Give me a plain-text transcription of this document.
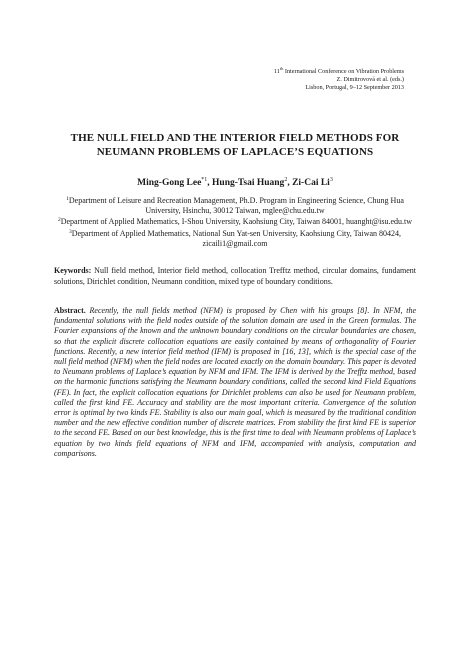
11th International Conference on Vibration Problems
Z. Dimitrovová et al. (eds.)
Lisbon, Portugal, 9–12 September 2013
THE NULL FIELD AND THE INTERIOR FIELD METHODS FOR
NEUMANN PROBLEMS OF LAPLACE’S EQUATIONS
Ming-Gong Lee$^{*1}$, Hung-Tsai Huang$^2$, Zi-Cai Li$^3$
$^1$Department of Leisure and Recreation Management, Ph.D. Program in Engineering Science, Chung Hua University, Hsinchu, 30012 Taiwan, mglee@chu.edu.tw
$^2$Department of Applied Mathematics, I-Shou University, Kaohsiung City, Taiwan 84001, huanght@isu.edu.tw
$^3$Department of Applied Mathematics, National Sun Yat-sen University, Kaohsiung City, Taiwan 80424, zicaili1@gmail.com
Keywords: Null field method, Interior field method, collocation Trefftz method, circular domains, fundament solutions, Dirichlet condition, Neumann condition, mixed type of boundary conditions.
Abstract. Recently, the null fields method (NFM) is proposed by Chen with his groups [8]. In NFM, the fundamental solutions with the field nodes outside of the solution domain are used in the Green formulas. The Fourier expansions of the known and the unknown boundary conditions on the circular boundaries are chosen, so that the explicit discrete collocation equations are easily contained by means of orthogonality of Fourier functions. Recently, a new interior field method (IFM) is proposed in [16, 13], which is the special case of the null field method (NFM) when the field nodes are located exactly on the domain boundary. This paper is devoted to Neumann problems of Laplace’s equation by NFM and IFM. The IFM is derived by the Trefftz method, based on the harmonic functions satisfying the Neumann boundary conditions, called the second kind Field Equations (FE). In fact, the explicit collocation equations for Dirichlet problems can also be used for Neumann problem, called the first kind FE. Accuracy and stability are the most important criteria. Convergence of the solution error is optimal by two kinds FE. Stability is also our main goal, which is measured by the traditional condition number and the new effective condition number of discrete matrices. From stability the first kind FE is superior to the second FE. Based on our best knowledge, this is the first time to deal with Neumann problems of Laplace’s equation by two kinds field equations of NFM and IFM, accompanied with analysis, computation and comparisons.
